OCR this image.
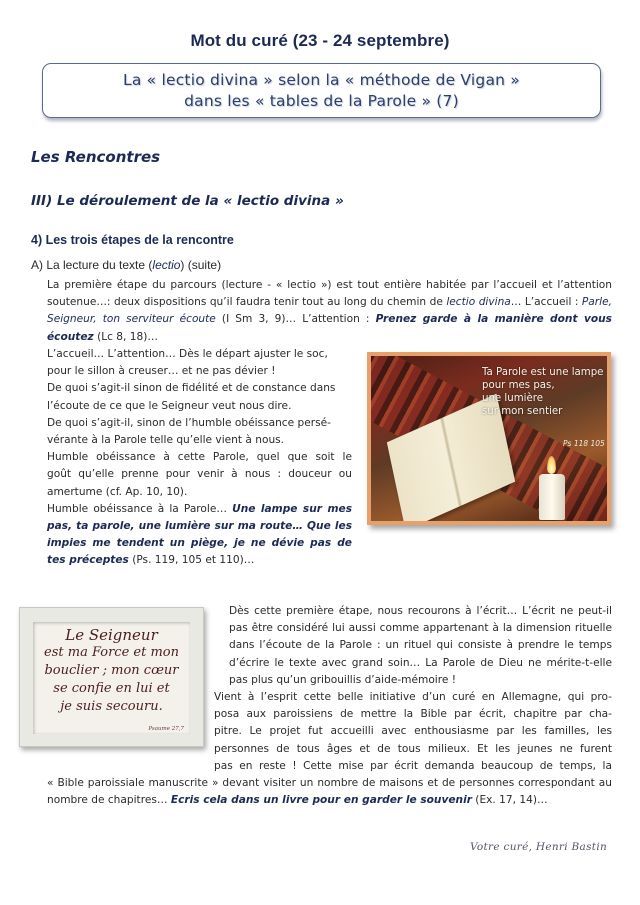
Mot du curé (23 - 24 septembre)
La « lectio divina » selon la « méthode de Vigan »
dans les « tables de la Parole » (7)
Les Rencontres
III) Le déroulement de la « lectio divina »
4) Les trois étapes de la rencontre
A) La lecture du texte (lectio) (suite)
La première étape du parcours (lecture - « lectio ») est tout entière habitée par l’accueil et l’attention soutenue…: deux dispositions qu’il faudra tenir tout au long du chemin de lectio divina… L’accueil : Parle, Seigneur, ton serviteur écoute (I Sm 3, 9)… L’attention : Prenez garde à la manière dont vous écoutez (Lc 8, 18)…
L’accueil… L’attention… Dès le départ ajuster le soc,
pour le sillon à creuser… et ne pas dévier !
De quoi s’agit-il sinon de fidélité et de constance dans
l’écoute de ce que le Seigneur veut nous dire.
De quoi s’agit-il, sinon de l’humble obéissance persé-
vérante à la Parole telle qu’elle vient à nous.
Humble obéissance à cette Parole, quel que soit le
goût qu’elle prenne pour venir à nous : douceur ou
amertume (cf. Ap. 10, 10).
Humble obéissance à la Parole… Une lampe sur mes pas, ta parole, une lumière sur ma route… Que les impies me tendent un piège, je ne dévie pas de tes préceptes (Ps. 119, 105 et 110)…
Ta Parole est une lampe
pour mes pas,
une lumière
sur mon sentier
Ps 118 105
Le Seigneur
est ma Force et mon
bouclier ; mon cœur
se confie en lui et
je suis secouru.
Psaume 27,7
Dès cette première étape, nous recourons à l’écrit… L’écrit ne peut-il pas être considéré lui aussi comme appartenant à la dimension rituelle dans l’écoute de la Parole : un rituel qui consiste à prendre le temps d’écrire le texte avec grand soin… La Parole de Dieu ne mérite-t-elle pas plus qu’un gribouillis d’aide-mémoire !
Vient à l’esprit cette belle initiative d’un curé en Allemagne, qui pro-
posa aux paroissiens de mettre la Bible par écrit, chapitre par cha-
pitre. Le projet fut accueilli avec enthousiasme par les familles, les
personnes de tous âges et de tous milieux. Et les jeunes ne furent
pas en reste ! Cette mise par écrit demanda beaucoup de temps, la
« Bible paroissiale manuscrite » devant visiter un nombre de maisons et de personnes correspondant au nombre de chapitres… Ecris cela dans un livre pour en garder le souvenir (Ex. 17, 14)…
Votre curé, Henri Bastin
